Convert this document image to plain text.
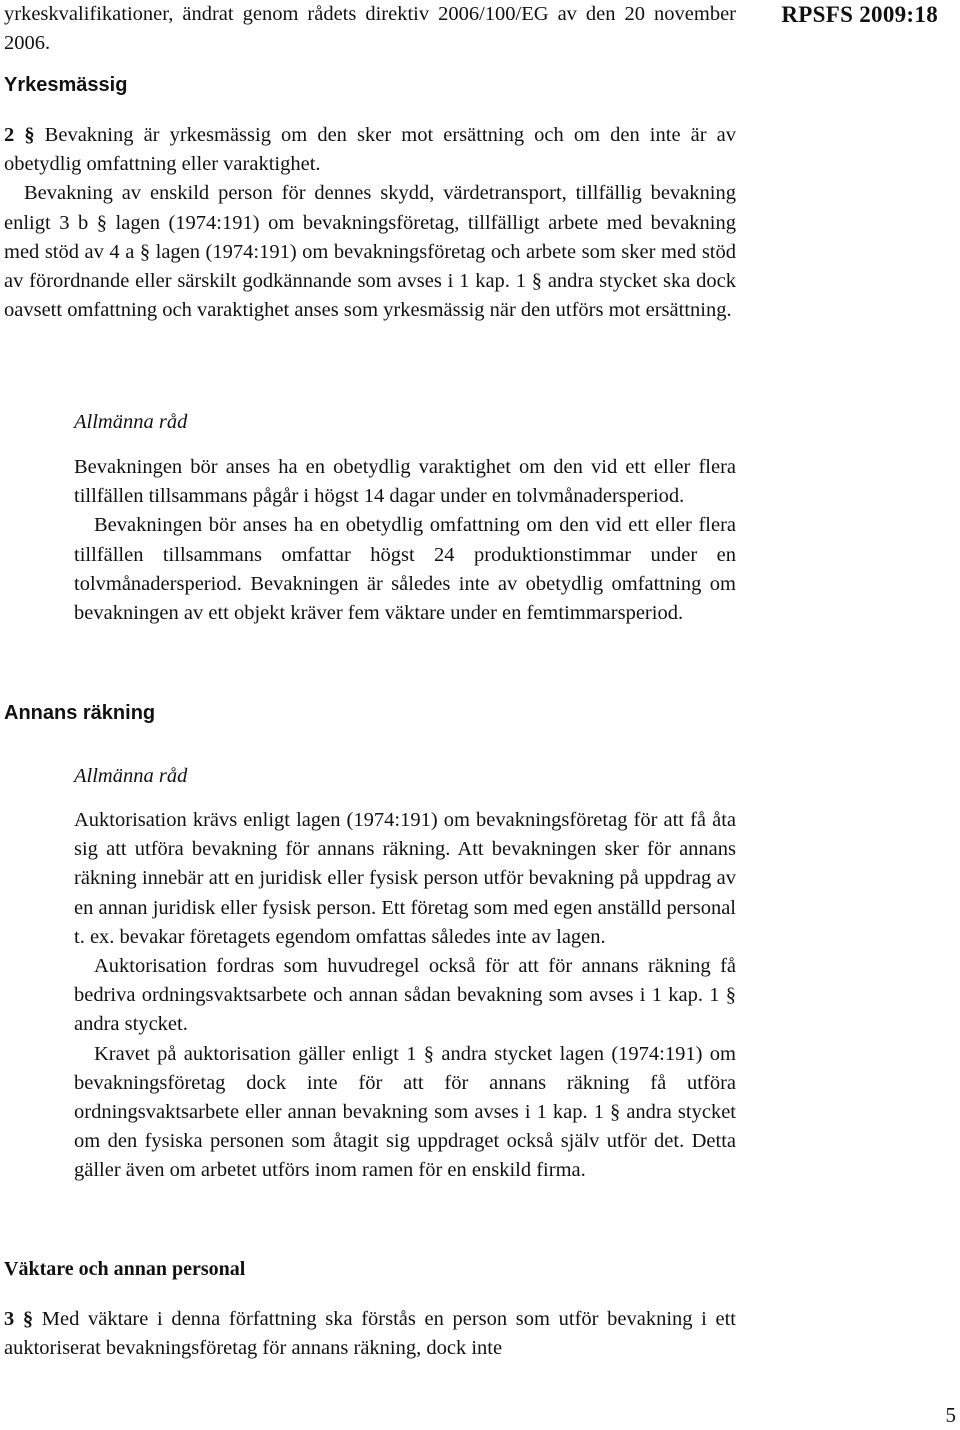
RPSFS 2009:18

yrkeskvalifikationer, ändrat genom rådets direktiv 2006/100/EG av den 20 november 2006.

Yrkesmässig

2 § Bevakning är yrkesmässig om den sker mot ersättning och om den inte är av obetydlig omfattning eller varaktighet.

Bevakning av enskild person för dennes skydd, värdetransport, tillfällig bevakning enligt 3 b § lagen (1974:191) om bevakningsföretag, tillfälligt arbete med bevakning med stöd av 4 a § lagen (1974:191) om bevakningsföretag och arbete som sker med stöd av förordnande eller särskilt godkännande som avses i 1 kap. 1 § andra stycket ska dock oavsett omfattning och varaktighet anses som yrkesmässig när den utförs mot ersättning.

Allmänna råd

Bevakningen bör anses ha en obetydlig varaktighet om den vid ett eller flera tillfällen tillsammans pågår i högst 14 dagar under en tolvmånadersperiod.

Bevakningen bör anses ha en obetydlig omfattning om den vid ett eller flera tillfällen tillsammans omfattar högst 24 produktionstimmar under en tolvmånadersperiod. Bevakningen är således inte av obetydlig omfattning om bevakningen av ett objekt kräver fem väktare under en femtimmarsperiod.

Annans räkning
Allmänna råd

Auktorisation krävs enligt lagen (1974:191) om bevakningsföretag för att få åta sig att utföra bevakning för annans räkning. Att bevakningen sker för annans räkning innebär att en juridisk eller fysisk person utför bevakning på uppdrag av en annan juridisk eller fysisk person. Ett företag som med egen anställd personal t. ex. bevakar företagets egendom omfattas således inte av lagen.

Auktorisation fordras som huvudregel också för att för annans räkning få bedriva ordningsvaktsarbete och annan sådan bevakning som avses i 1 kap. 1 § andra stycket.

Kravet på auktorisation gäller enligt 1 § andra stycket lagen (1974:191) om bevakningsföretag dock inte för att för annans räkning få utföra ordningsvaktsarbete eller annan bevakning som avses i 1 kap. 1 § andra stycket om den fysiska personen som åtagit sig uppdraget också själv utför det. Detta gäller även om arbetet utförs inom ramen för en enskild firma.

Väktare och annan personal

3 § Med väktare i denna författning ska förstås en person som utför bevakning i ett auktoriserat bevakningsföretag för annans räkning, dock inte

5
